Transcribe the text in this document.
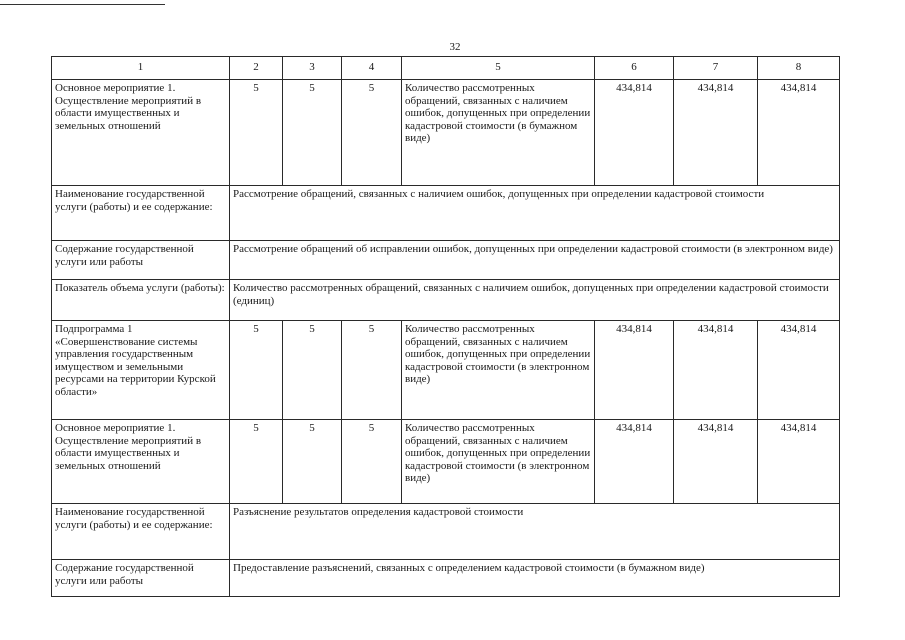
32
1	2	3	4	5	6	7	8
Основное мероприятие 1. Осуществление мероприятий в области имущественных и земельных отношений	5	5	5	Количество рассмотренных обращений, связанных с наличием ошибок, допущенных при определении кадастровой стоимости (в бумажном виде)	434,814	434,814	434,814
Наименование государственной услуги (работы) и ее содержание:	Рассмотрение обращений, связанных с наличием ошибок, допущенных при определении кадастровой стоимости						
Содержание государственной услуги или работы	Рассмотрение обращений об исправлении ошибок, допущенных при определении кадастровой стоимости (в электронном виде)						
Показатель объема услуги (работы):	Количество рассмотренных обращений, связанных с наличием ошибок, допущенных при определении кадастровой стоимости (единиц)						
Подпрограмма 1 «Совершенствование системы управления государственным имуществом и земельными ресурсами на территории Курской области»	5	5	5	Количество рассмотренных обращений, связанных с наличием ошибок, допущенных при определении кадастровой стоимости (в электронном виде)	434,814	434,814	434,814
Основное мероприятие 1. Осуществление мероприятий в области имущественных и земельных отношений	5	5	5	Количество рассмотренных обращений, связанных с наличием ошибок, допущенных при определении кадастровой стоимости (в электронном виде)	434,814	434,814	434,814
Наименование государственной услуги (работы) и ее содержание:	Разъяснение результатов определения кадастровой стоимости						
Содержание государственной услуги или работы	Предоставление разъяснений, связанных с определением кадастровой стоимости (в бумажном виде)						
